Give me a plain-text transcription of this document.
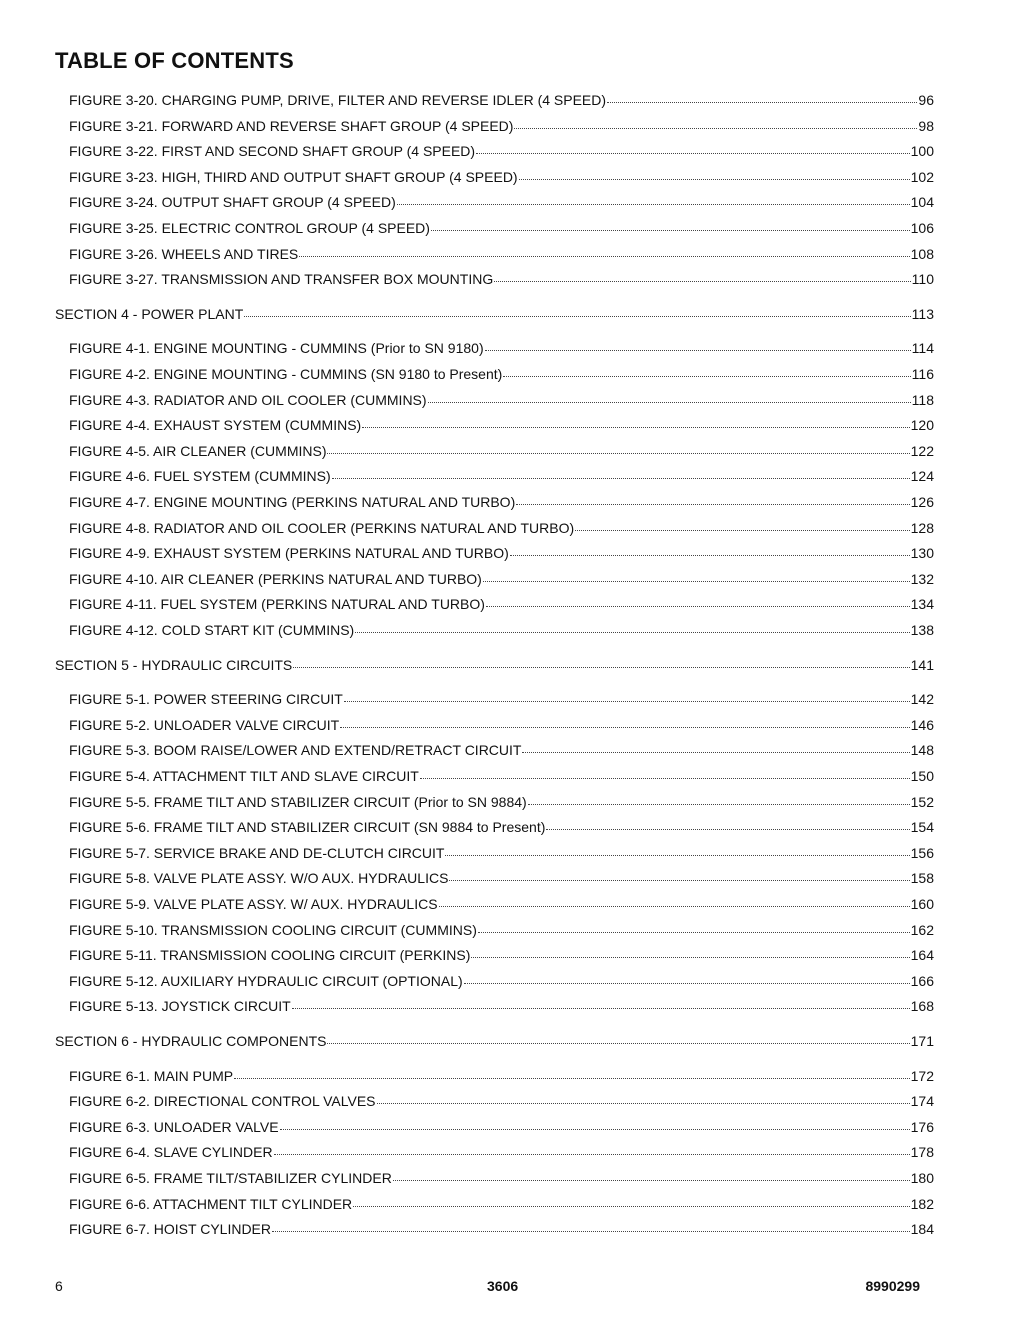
TABLE OF CONTENTS
FIGURE 3-20. CHARGING PUMP, DRIVE, FILTER AND REVERSE IDLER (4 SPEED)	96
FIGURE 3-21. FORWARD AND REVERSE SHAFT GROUP (4 SPEED)	98
FIGURE 3-22. FIRST AND SECOND SHAFT GROUP (4 SPEED)	100
FIGURE 3-23. HIGH, THIRD AND OUTPUT SHAFT GROUP (4 SPEED)	102
FIGURE 3-24. OUTPUT SHAFT GROUP (4 SPEED)	104
FIGURE 3-25. ELECTRIC CONTROL GROUP (4 SPEED)	106
FIGURE 3-26. WHEELS AND TIRES	108
FIGURE 3-27. TRANSMISSION AND TRANSFER BOX MOUNTING	110
SECTION 4 - POWER PLANT	113
FIGURE 4-1. ENGINE MOUNTING - CUMMINS (Prior to SN 9180)	114
FIGURE 4-2. ENGINE MOUNTING - CUMMINS (SN 9180 to Present)	116
FIGURE 4-3. RADIATOR AND OIL COOLER (CUMMINS)	118
FIGURE 4-4. EXHAUST SYSTEM (CUMMINS)	120
FIGURE 4-5. AIR CLEANER (CUMMINS)	122
FIGURE 4-6. FUEL SYSTEM (CUMMINS)	124
FIGURE 4-7. ENGINE MOUNTING (PERKINS NATURAL AND TURBO)	126
FIGURE 4-8. RADIATOR AND OIL COOLER (PERKINS NATURAL AND TURBO)	128
FIGURE 4-9. EXHAUST SYSTEM (PERKINS NATURAL AND TURBO)	130
FIGURE 4-10. AIR CLEANER (PERKINS NATURAL AND TURBO)	132
FIGURE 4-11. FUEL SYSTEM (PERKINS NATURAL AND TURBO)	134
FIGURE 4-12. COLD START KIT (CUMMINS)	138
SECTION 5 - HYDRAULIC CIRCUITS	141
FIGURE 5-1. POWER STEERING CIRCUIT	142
FIGURE 5-2. UNLOADER VALVE CIRCUIT	146
FIGURE 5-3. BOOM RAISE/LOWER AND EXTEND/RETRACT CIRCUIT	148
FIGURE 5-4. ATTACHMENT TILT AND SLAVE CIRCUIT	150
FIGURE 5-5. FRAME TILT AND STABILIZER CIRCUIT (Prior to SN 9884)	152
FIGURE 5-6. FRAME TILT AND STABILIZER CIRCUIT (SN 9884 to Present)	154
FIGURE 5-7. SERVICE BRAKE AND DE-CLUTCH CIRCUIT	156
FIGURE 5-8. VALVE PLATE ASSY. W/O AUX. HYDRAULICS	158
FIGURE 5-9. VALVE PLATE ASSY. W/ AUX. HYDRAULICS	160
FIGURE 5-10. TRANSMISSION COOLING CIRCUIT (CUMMINS)	162
FIGURE 5-11. TRANSMISSION COOLING CIRCUIT (PERKINS)	164
FIGURE 5-12. AUXILIARY HYDRAULIC CIRCUIT (OPTIONAL)	166
FIGURE 5-13. JOYSTICK CIRCUIT	168
SECTION 6 - HYDRAULIC COMPONENTS	171
FIGURE 6-1. MAIN PUMP	172
FIGURE 6-2. DIRECTIONAL CONTROL VALVES	174
FIGURE 6-3. UNLOADER VALVE	176
FIGURE 6-4. SLAVE CYLINDER	178
FIGURE 6-5. FRAME TILT/STABILIZER CYLINDER	180
FIGURE 6-6. ATTACHMENT TILT CYLINDER	182
FIGURE 6-7. HOIST CYLINDER	184
6	3606	8990299
